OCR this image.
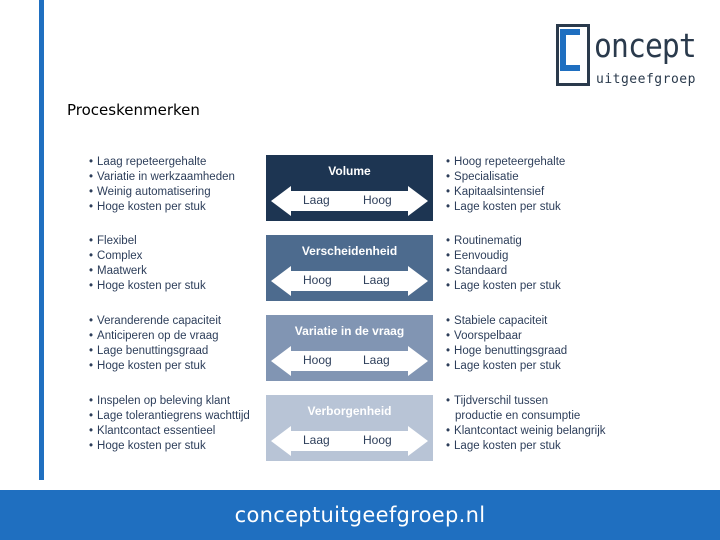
oncept
uitgeefgroep
Proceskenmerken
• Laag repeteergehalte
• Variatie in werkzaamheden
• Weinig automatisering
• Hoge kosten per stuk
Volume
Laag	Hoog
• Hoog repeteergehalte
• Specialisatie
• Kapitaalsintensief
• Lage kosten per stuk
• Flexibel
• Complex
• Maatwerk
• Hoge kosten per stuk
Verscheidenheid
Hoog	Laag
• Routinematig
• Eenvoudig
• Standaard
• Lage kosten per stuk
• Veranderende capaciteit
• Anticiperen op de vraag
• Lage benuttingsgraad
• Hoge kosten per stuk
Variatie in de vraag
Hoog	Laag
• Stabiele capaciteit
• Voorspelbaar
• Hoge benuttingsgraad
• Lage kosten per stuk
• Inspelen op beleving klant
• Lage tolerantiegrens wachttijd
• Klantcontact essentieel
• Hoge kosten per stuk
Verborgenheid
Laag	Hoog
• Tijdverschil tussen
productie en consumptie
• Klantcontact weinig belangrijk
• Lage kosten per stuk
conceptuitgeefgroep.nl
